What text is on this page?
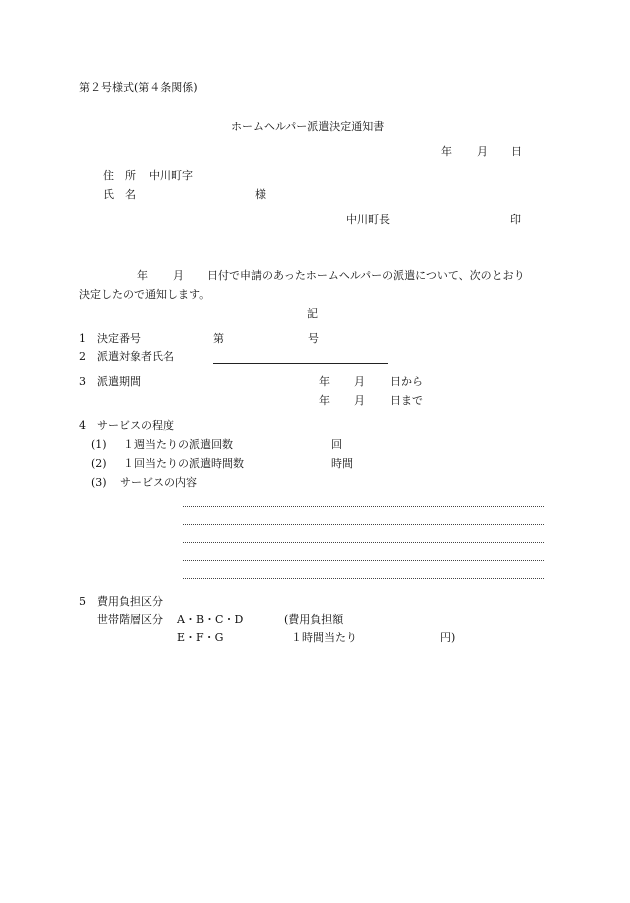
第２号様式(第４条関係)
ホームヘルパー派遣決定通知書
年 月 日
住　所 中川町字
氏　名	様
中川町長	印
年 月 日付で申請のあったホームヘルパーの派遣について、次のとおり
決定したので通知します。
記
1 決定番号	第	号
2 派遣対象者氏名
3 派遣期間	年 月 日から
年 月 日まで
4 サービスの程度
(1) １週当たりの派遣回数	回
(2) １回当たりの派遣時間数	時間
(3) サービスの内容
5 費用負担区分
世帯階層区分 A・B・C・D	(費用負担額
E・F・G	１時間当たり	円)
